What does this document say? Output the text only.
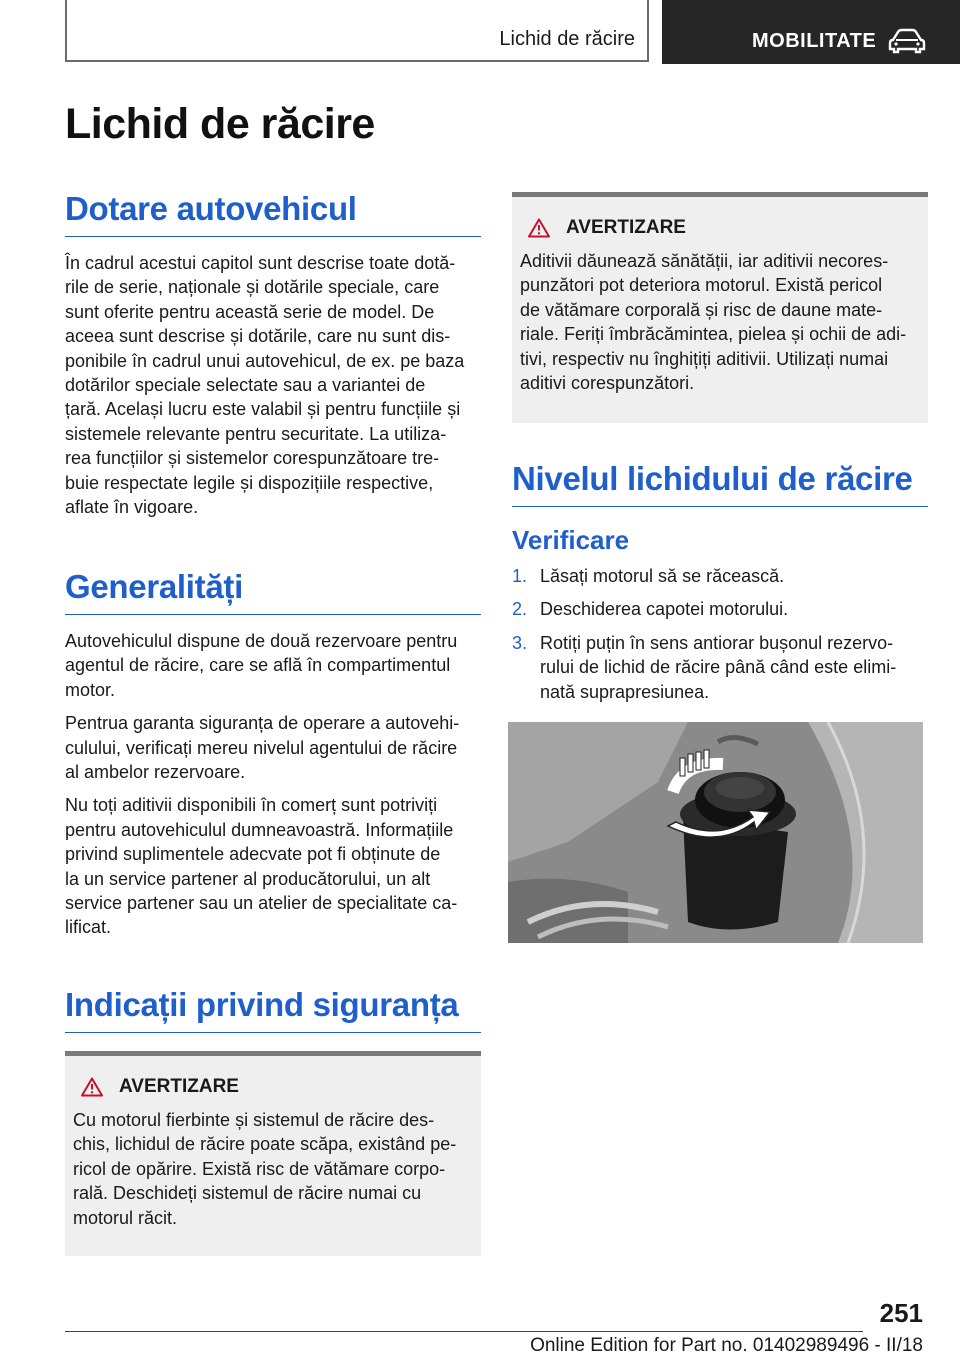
Lichid de răcire	MOBILITATE
Lichid de răcire
Dotare autovehicul

În cadrul acestui capitol sunt descrise toate dotă-
rile de serie, naționale și dotările speciale, care
sunt oferite pentru această serie de model. De
aceea sunt descrise și dotările, care nu sunt dis-
ponibile în cadrul unui autovehicul, de ex. pe baza
dotărilor speciale selectate sau a variantei de
țară. Același lucru este valabil și pentru funcțiile și
sistemele relevante pentru securitate. La utiliza-
rea funcțiilor și sistemelor corespunzătoare tre-
buie respectate legile și dispozițiile respective,
aflate în vigoare.

Generalități

Autovehiculul dispune de două rezervoare pentru
agentul de răcire, care se află în compartimentul
motor.

Pentrua garanta siguranța de operare a autovehi-
culului, verificați mereu nivelul agentului de răcire
al ambelor rezervoare.

Nu toți aditivii disponibili în comerț sunt potriviți
pentru autovehiculul dumneavoastră. Informațiile
privind suplimentele adecvate pot fi obținute de
la un service partener al producătorului, un alt
service partener sau un atelier de specialitate ca-
lificat.

Indicații privind siguranța
AVERTIZARE

Cu motorul fierbinte și sistemul de răcire des-
chis, lichidul de răcire poate scăpa, existând pe-
ricol de opărire. Există risc de vătămare corpo-
rală. Deschideți sistemul de răcire numai cu
motorul răcit.

AVERTIZARE

Aditivii dăunează sănătății, iar aditivii necores-
punzători pot deteriora motorul. Există pericol
de vătămare corporală și risc de daune mate-
riale. Feriți îmbrăcămintea, pielea și ochii de adi-
tivi, respectiv nu înghițiți aditivii. Utilizați numai
aditivi corespunzători.

Nivelul lichidului de răcire
Verificare
1. Lăsați motorul să se răcească.
2. Deschiderea capotei motorului.
3. Rotiți puțin în sens antiorar bușonul rezervo-
rului de lichid de răcire până când este elimi-
nată suprapresiunea.
251
Online Edition for Part no. 01402989496 - II/18
